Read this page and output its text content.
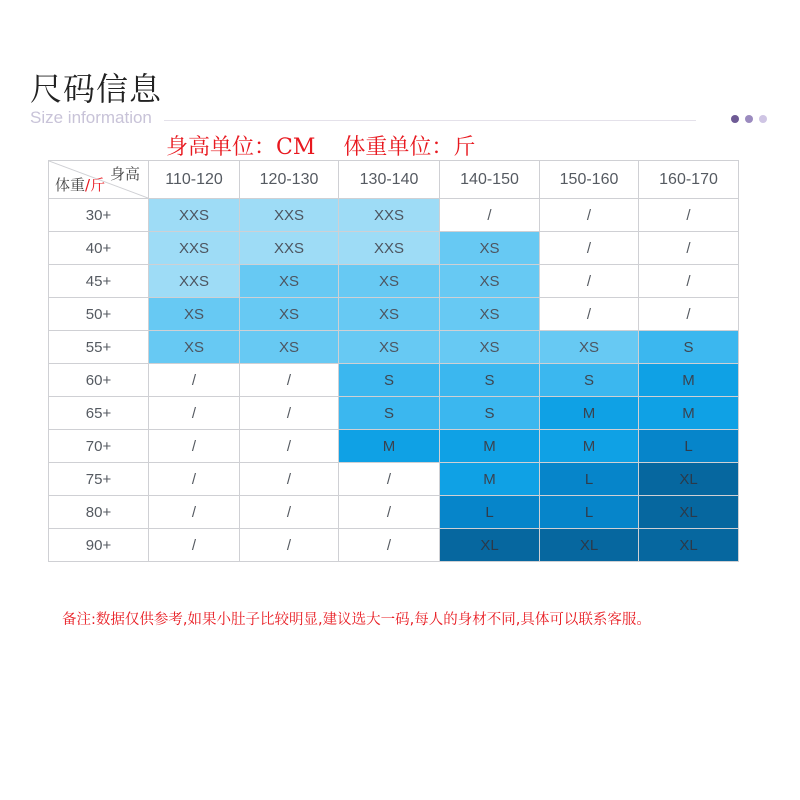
尺码信息
Size information
身高单位：CM 体重单位：斤
身高
体重/斤	110-120	120-130	130-140	140-150	150-160	160-170
30+	XXS	XXS	XXS	/	/	/
40+	XXS	XXS	XXS	XS	/	/
45+	XXS	XS	XS	XS	/	/
50+	XS	XS	XS	XS	/	/
55+	XS	XS	XS	XS	XS	S
60+	/	/	S	S	S	M
65+	/	/	S	S	M	M
70+	/	/	M	M	M	L
75+	/	/	/	M	L	XL
80+	/	/	/	L	L	XL
90+	/	/	/	XL	XL	XL
备注:数据仅供参考,如果小肚子比较明显,建议选大一码,每人的身材不同,具体可以联系客服。
